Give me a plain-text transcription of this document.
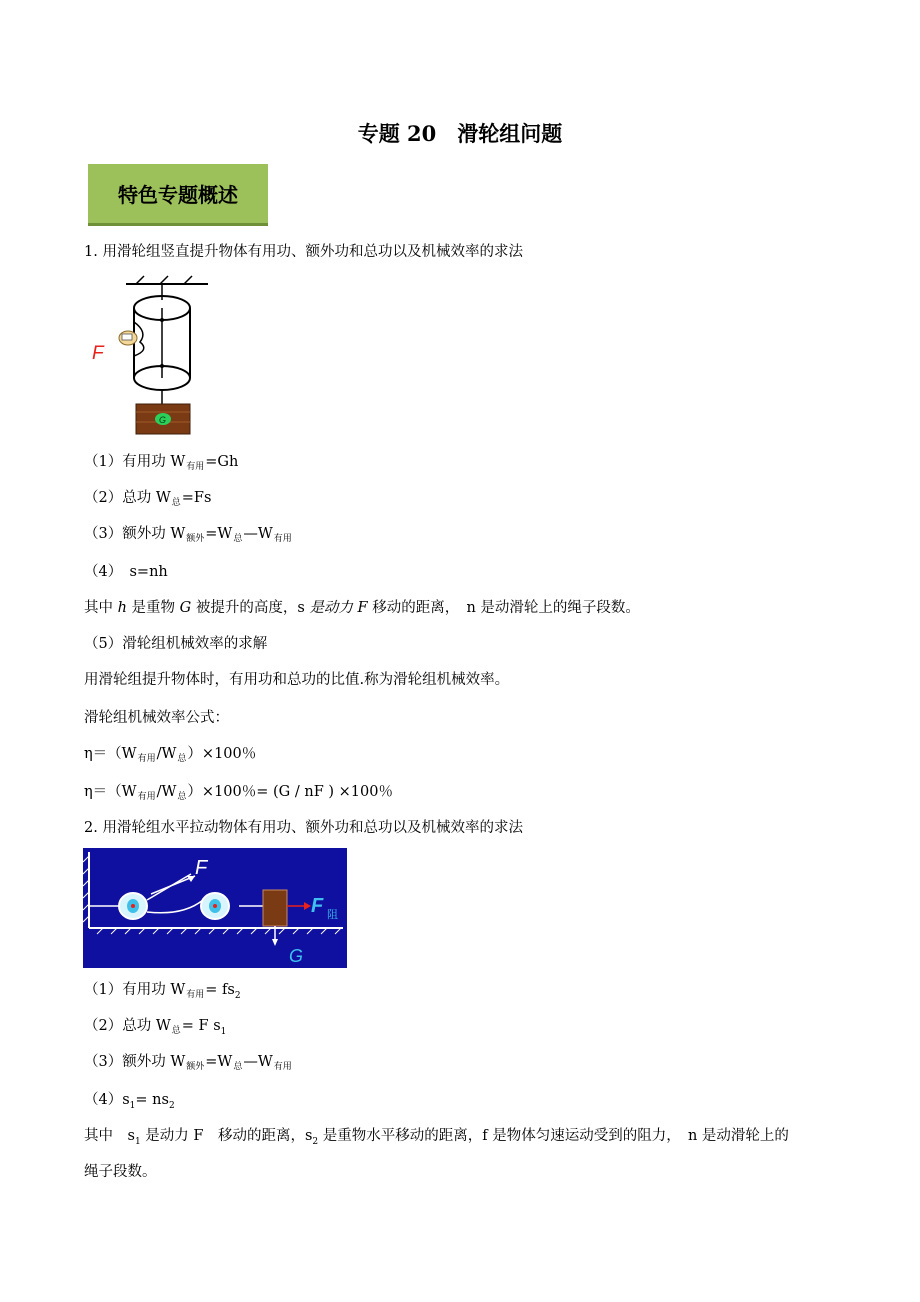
专题 20　滑轮组问题
特色专题概述
1. 用滑轮组竖直提升物体有用功、额外功和总功以及机械效率的求法
F
G
（1）有用功 $W_{有用}=Gh$
（2）总功 $W_总=Fs$
（3）额外功 $W_{额外}=W_总—W_{有用}$
（4）　s=nh
其中 h 是重物 G 被提升的高度，s 是动力 F 移动的距离，　n 是动滑轮上的绳子段数。
（5）滑轮组机械效率的求解
用滑轮组提升物体时，有用功和总功的比值.称为滑轮组机械效率。
滑轮组机械效率公式：
$\eta=(W_{有用}/W_总)\times 100$％
$\eta=(W_{有用}/W_总)\times 100$％= (G / nF ) ×100％
2. 用滑轮组水平拉动物体有用功、额外功和总功以及机械效率的求法
F
F 阻
G
（1）有用功 $W_{有用}= fs_2$
（2）总功 $W_总= F$ $s_1$
（3）额外功 $W_{额外}=W_总—W_{有用}$
$(4)s_1= ns_2$
其中　$s_1$ 是动力 F　移动的距离，$s_2$ 是重物水平移动的距离，f 是物体匀速运动受到的阻力，　n 是动滑轮上的
绳子段数。
